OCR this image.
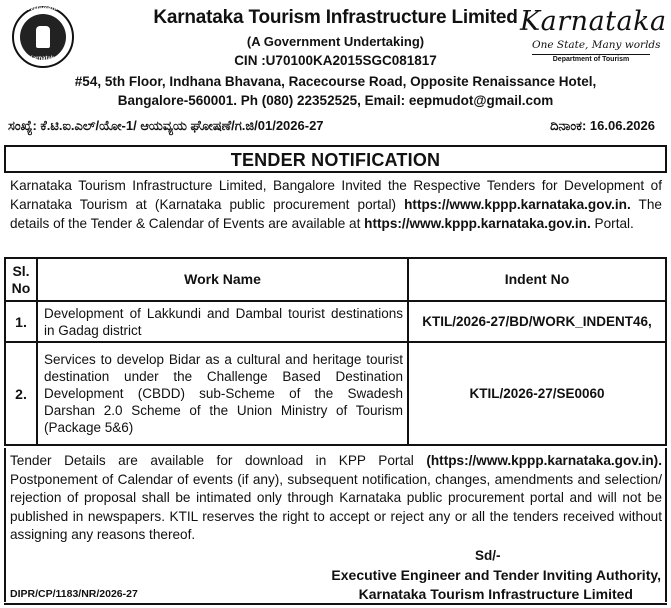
Government of
Karnataka
Karnataka Tourism Infrastructure Limited
(A Government Undertaking)
CIN :U70100KA2015SGC081817
#54, 5th Floor, Indhana Bhavana, Racecourse Road, Opposite Renaissance Hotel,
Bangalore-560001. Ph (080) 22352525, Email: eepmudot@gmail.com
Karnataka
One State, Many worlds
Department of Tourism
ಸಂಖ್ಯೆ: ಕೆ.ಟಿ.ಐ.ಎಲ್/ಯೋ-1/ ಆಯವ್ಯಯ ಘೋಷಣೆ/ಗ.ಜಿ/01/2026-27	ದಿನಾಂಕ: 16.06.2026
TENDER NOTIFICATION
Karnataka Tourism Infrastructure Limited, Bangalore Invited the Respective Tenders for Development of Karnataka Tourism at (Karnataka public procurement portal) https://www.kppp.karnataka.gov.in. The details of the Tender & Calendar of Events are available at https://www.kppp.karnataka.gov.in. Portal.
Sl. No	Work Name	Indent No
1.	Development of Lakkundi and Dambal tourist destinations in Gadag district	KTIL/2026-27/BD/WORK_INDENT46,
2.	Services to develop Bidar as a cultural and heritage tourist destination under the Challenge Based Destination Development (CBDD) sub-Scheme of the Swadesh Darshan 2.0 Scheme of the Union Ministry of Tourism (Package 5&6)	KTIL/2026-27/SE0060
Tender Details are available for download in KPP Portal (https://www.kppp.karnataka.gov.in). Postponement of Calendar of events (if any), subsequent notification, changes, amendments and selection/ rejection of proposal shall be intimated only through Karnataka public procurement portal and will not be published in newspapers. KTIL reserves the right to accept or reject any or all the tenders received without assigning any reasons thereof.
Sd/-
Executive Engineer and Tender Inviting Authority,
Karnataka Tourism Infrastructure Limited
DIPR/CP/1183/NR/2026-27
